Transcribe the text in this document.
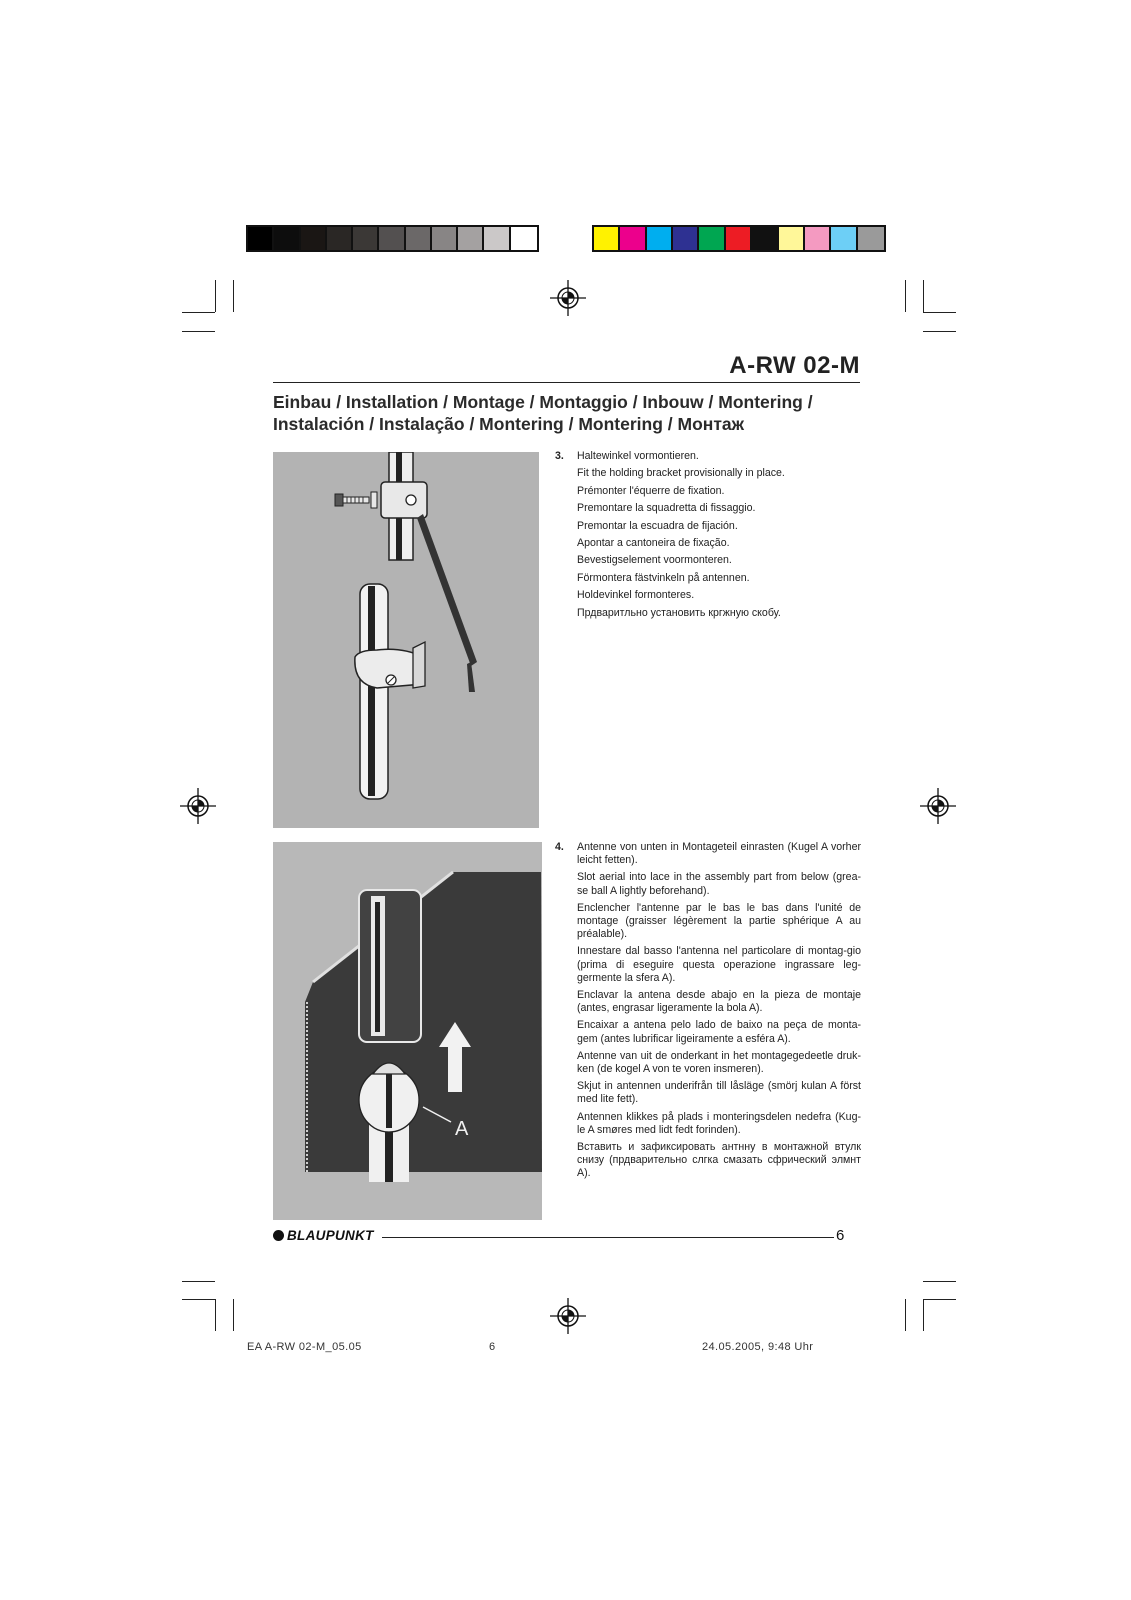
A-RW 02-M
Einbau / Installation / Montage / Montaggio / Inbouw / Montering /
Instalación / Instalação / Montering / Montering / Монтаж
A
3. Haltewinkel vormontieren.
Fit the holding bracket provisionally in place.
Prémonter l'équerre de fixation.
Premontare la squadretta di fissaggio.
Premontar la escuadra de fijación.
Apontar a cantoneira de fixação.
Bevestigselement voormonteren.
Förmontera fästvinkeln på antennen.
Holdevinkel formonteres.
Прдваритльно установить кргжную скобу.
4. Antenne von unten in Montageteil einrasten (Kugel A vorher leicht fetten).
Slot aerial into lace in the assembly part from below (grea-se ball A lightly beforehand).
Enclencher l'antenne par le bas le bas dans l'unité de montage (graisser légèrement la partie sphérique A au préalable).
Innestare dal basso l'antenna nel particolare di montag-gio (prima di eseguire questa operazione ingrassare leg-germente la sfera A).
Enclavar la antena desde abajo en la pieza de montaje (antes, engrasar ligeramente la bola A).
Encaixar a antena pelo lado de baixo na peça de monta-gem (antes lubrificar ligeiramente a esféra A).
Antenne van uit de onderkant in het montagegedeetle druk-ken (de kogel A von te voren insmeren).
Skjut in antennen underifrån till låsläge (smörj kulan A först med lite fett).
Antennen klikkes på plads i monteringsdelen nedefra (Kug-le A smøres med lidt fedt forinden).
Вставить и зафиксировать антнну в монтажной втулк снизу (прдварительно слгка смазать сфрический элмнт A).
BLAUPUNKT	6
EA A-RW 02-M_05.05	6	24.05.2005, 9:48 Uhr
